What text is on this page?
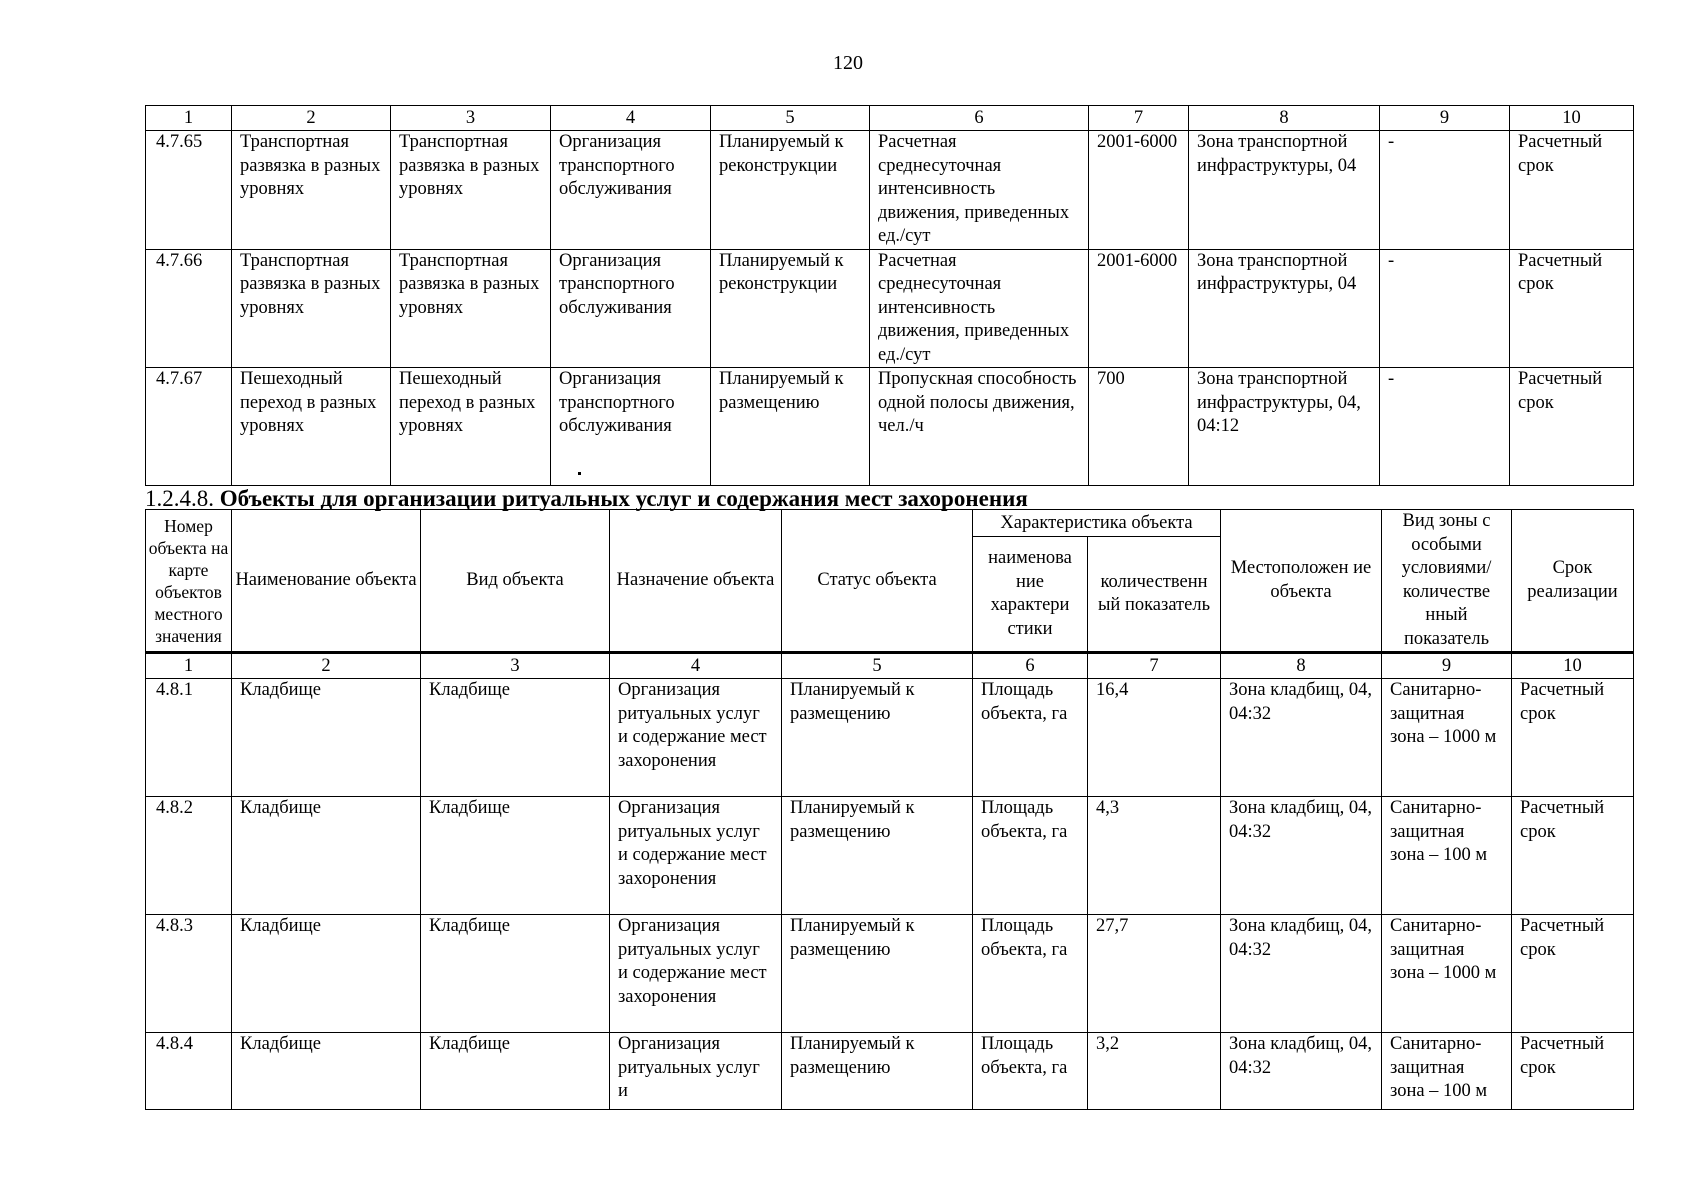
120
1	2	3	4	5	6	7	8	9	10
4.7.65	Транспортная развязка в разных уровнях	Транспортная развязка в разных уровнях	Организация транспортного обслуживания	Планируемый к реконструкции	Расчетная среднесуточная интенсивность движения, приведенных ед./сут	2001-6000	Зона транспортной инфраструктуры, 04	-	Расчетный срок
4.7.66	Транспортная развязка в разных уровнях	Транспортная развязка в разных уровнях	Организация транспортного обслуживания	Планируемый к реконструкции	Расчетная среднесуточная интенсивность движения, приведенных ед./сут	2001-6000	Зона транспортной инфраструктуры, 04	-	Расчетный срок
4.7.67	Пешеходный переход в разных уровнях	Пешеходный переход в разных уровнях	Организация транспортного обслуживания	Планируемый к размещению	Пропускная способность одной полосы движения, чел./ч	700	Зона транспортной инфраструктуры, 04, 04:12	-	Расчетный срок
1.2.4.8. Объекты для организации ритуальных услуг и содержания мест захоронения
Номер объекта на карте объектов местного значения	Наименование объекта	Вид объекта	Назначение объекта	Статус объекта	Характеристика объекта		Местоположен ие объекта	Вид зоны с особыми условиями/ количестве нный показатель	Срок реализации
					наименова ние характери стики	количественн ый показатель			
1	2	3	4	5	6	7	8	9	10
4.8.1	Кладбище	Кладбище	Организация ритуальных услуг и содержание мест захоронения	Планируемый к размещению	Площадь объекта, га	16,4	Зона кладбищ, 04, 04:32	Санитарно-защитная зона – 1000 м	Расчетный срок
4.8.2	Кладбище	Кладбище	Организация ритуальных услуг и содержание мест захоронения	Планируемый к размещению	Площадь объекта, га	4,3	Зона кладбищ, 04, 04:32	Санитарно-защитная зона – 100 м	Расчетный срок
4.8.3	Кладбище	Кладбище	Организация ритуальных услуг и содержание мест захоронения	Планируемый к размещению	Площадь объекта, га	27,7	Зона кладбищ, 04, 04:32	Санитарно-защитная зона – 1000 м	Расчетный срок
4.8.4	Кладбище	Кладбище	Организация ритуальных услуг и	Планируемый к размещению	Площадь объекта, га	3,2	Зона кладбищ, 04, 04:32	Санитарно-защитная зона – 100 м	Расчетный срок
